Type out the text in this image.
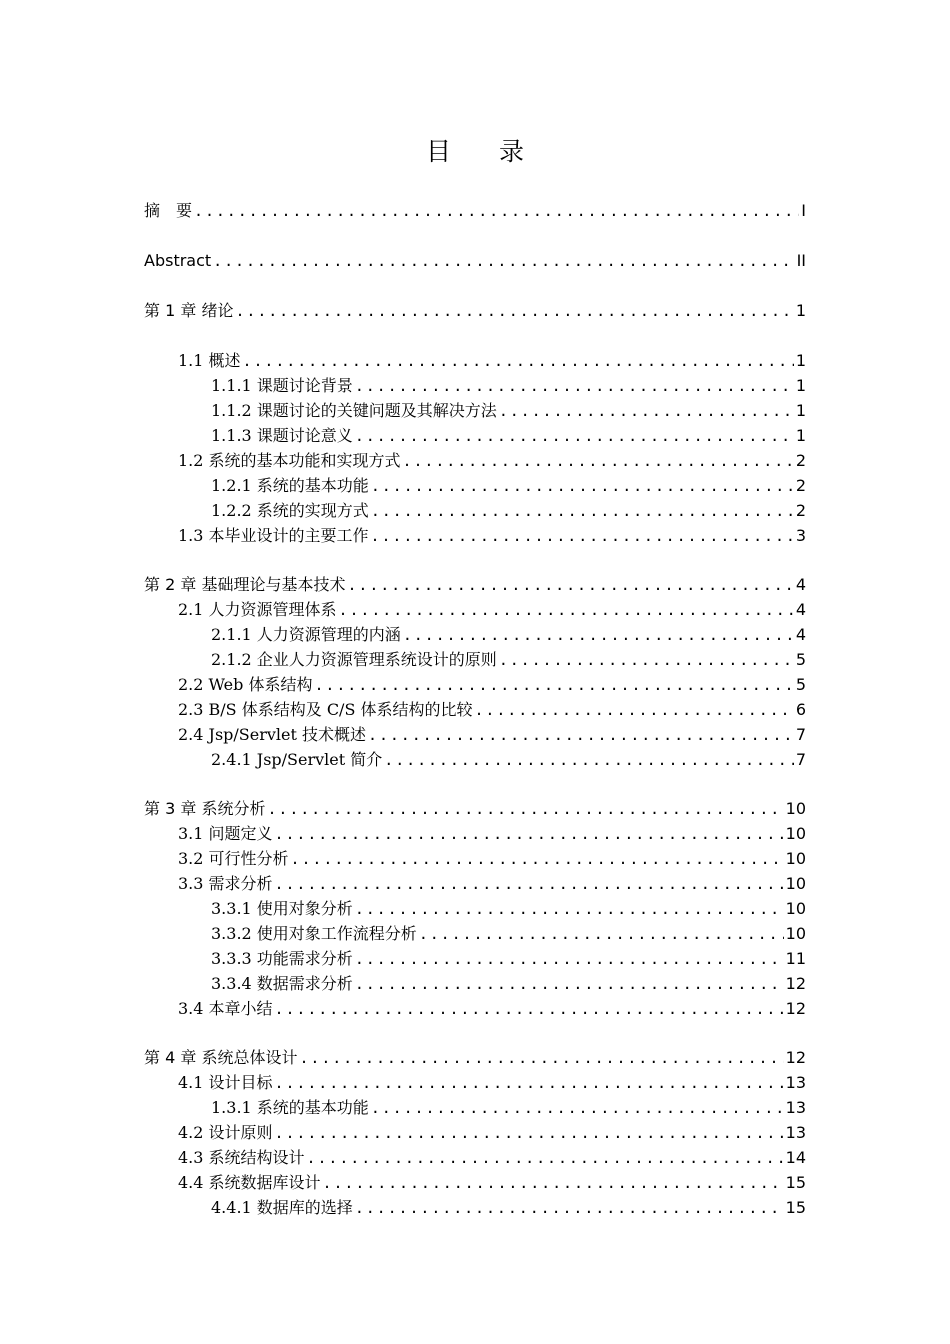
目 录
摘　要 .....	I
Abstract .....	II
第 1 章 绪论 .....	1
1.1 概述 .....	1
1.1.1 课题讨论背景 .....	1
1.1.2 课题讨论的关键问题及其解决方法 .....	1
1.1.3 课题讨论意义 .....	1
1.2 系统的基本功能和实现方式 .....	2
1.2.1 系统的基本功能 .....	2
1.2.2 系统的实现方式 .....	2
1.3 本毕业设计的主要工作 .....	3
第 2 章 基础理论与基本技术 .....	4
2.1 人力资源管理体系 .....	4
2.1.1 人力资源管理的内涵 .....	4
2.1.2 企业人力资源管理系统设计的原则 .....	5
2.2 Web 体系结构 .....	5
2.3 B/S 体系结构及 C/S 体系结构的比较 .....	6
2.4 Jsp/Servlet 技术概述 .....	7
2.4.1 Jsp/Servlet 简介 .....	7
第 3 章 系统分析 .....	10
3.1 问题定义 .....	10
3.2 可行性分析 .....	10
3.3 需求分析 .....	10
3.3.1 使用对象分析 .....	10
3.3.2 使用对象工作流程分析 .....	10
3.3.3 功能需求分析 .....	11
3.3.4 数据需求分析 .....	12
3.4 本章小结 .....	12
第 4 章 系统总体设计 .....	12
4.1 设计目标 .....	13
1.3.1 系统的基本功能 .....	13
4.2 设计原则 .....	13
4.3 系统结构设计 .....	14
4.4 系统数据库设计 .....	15
4.4.1 数据库的选择 .....	15
